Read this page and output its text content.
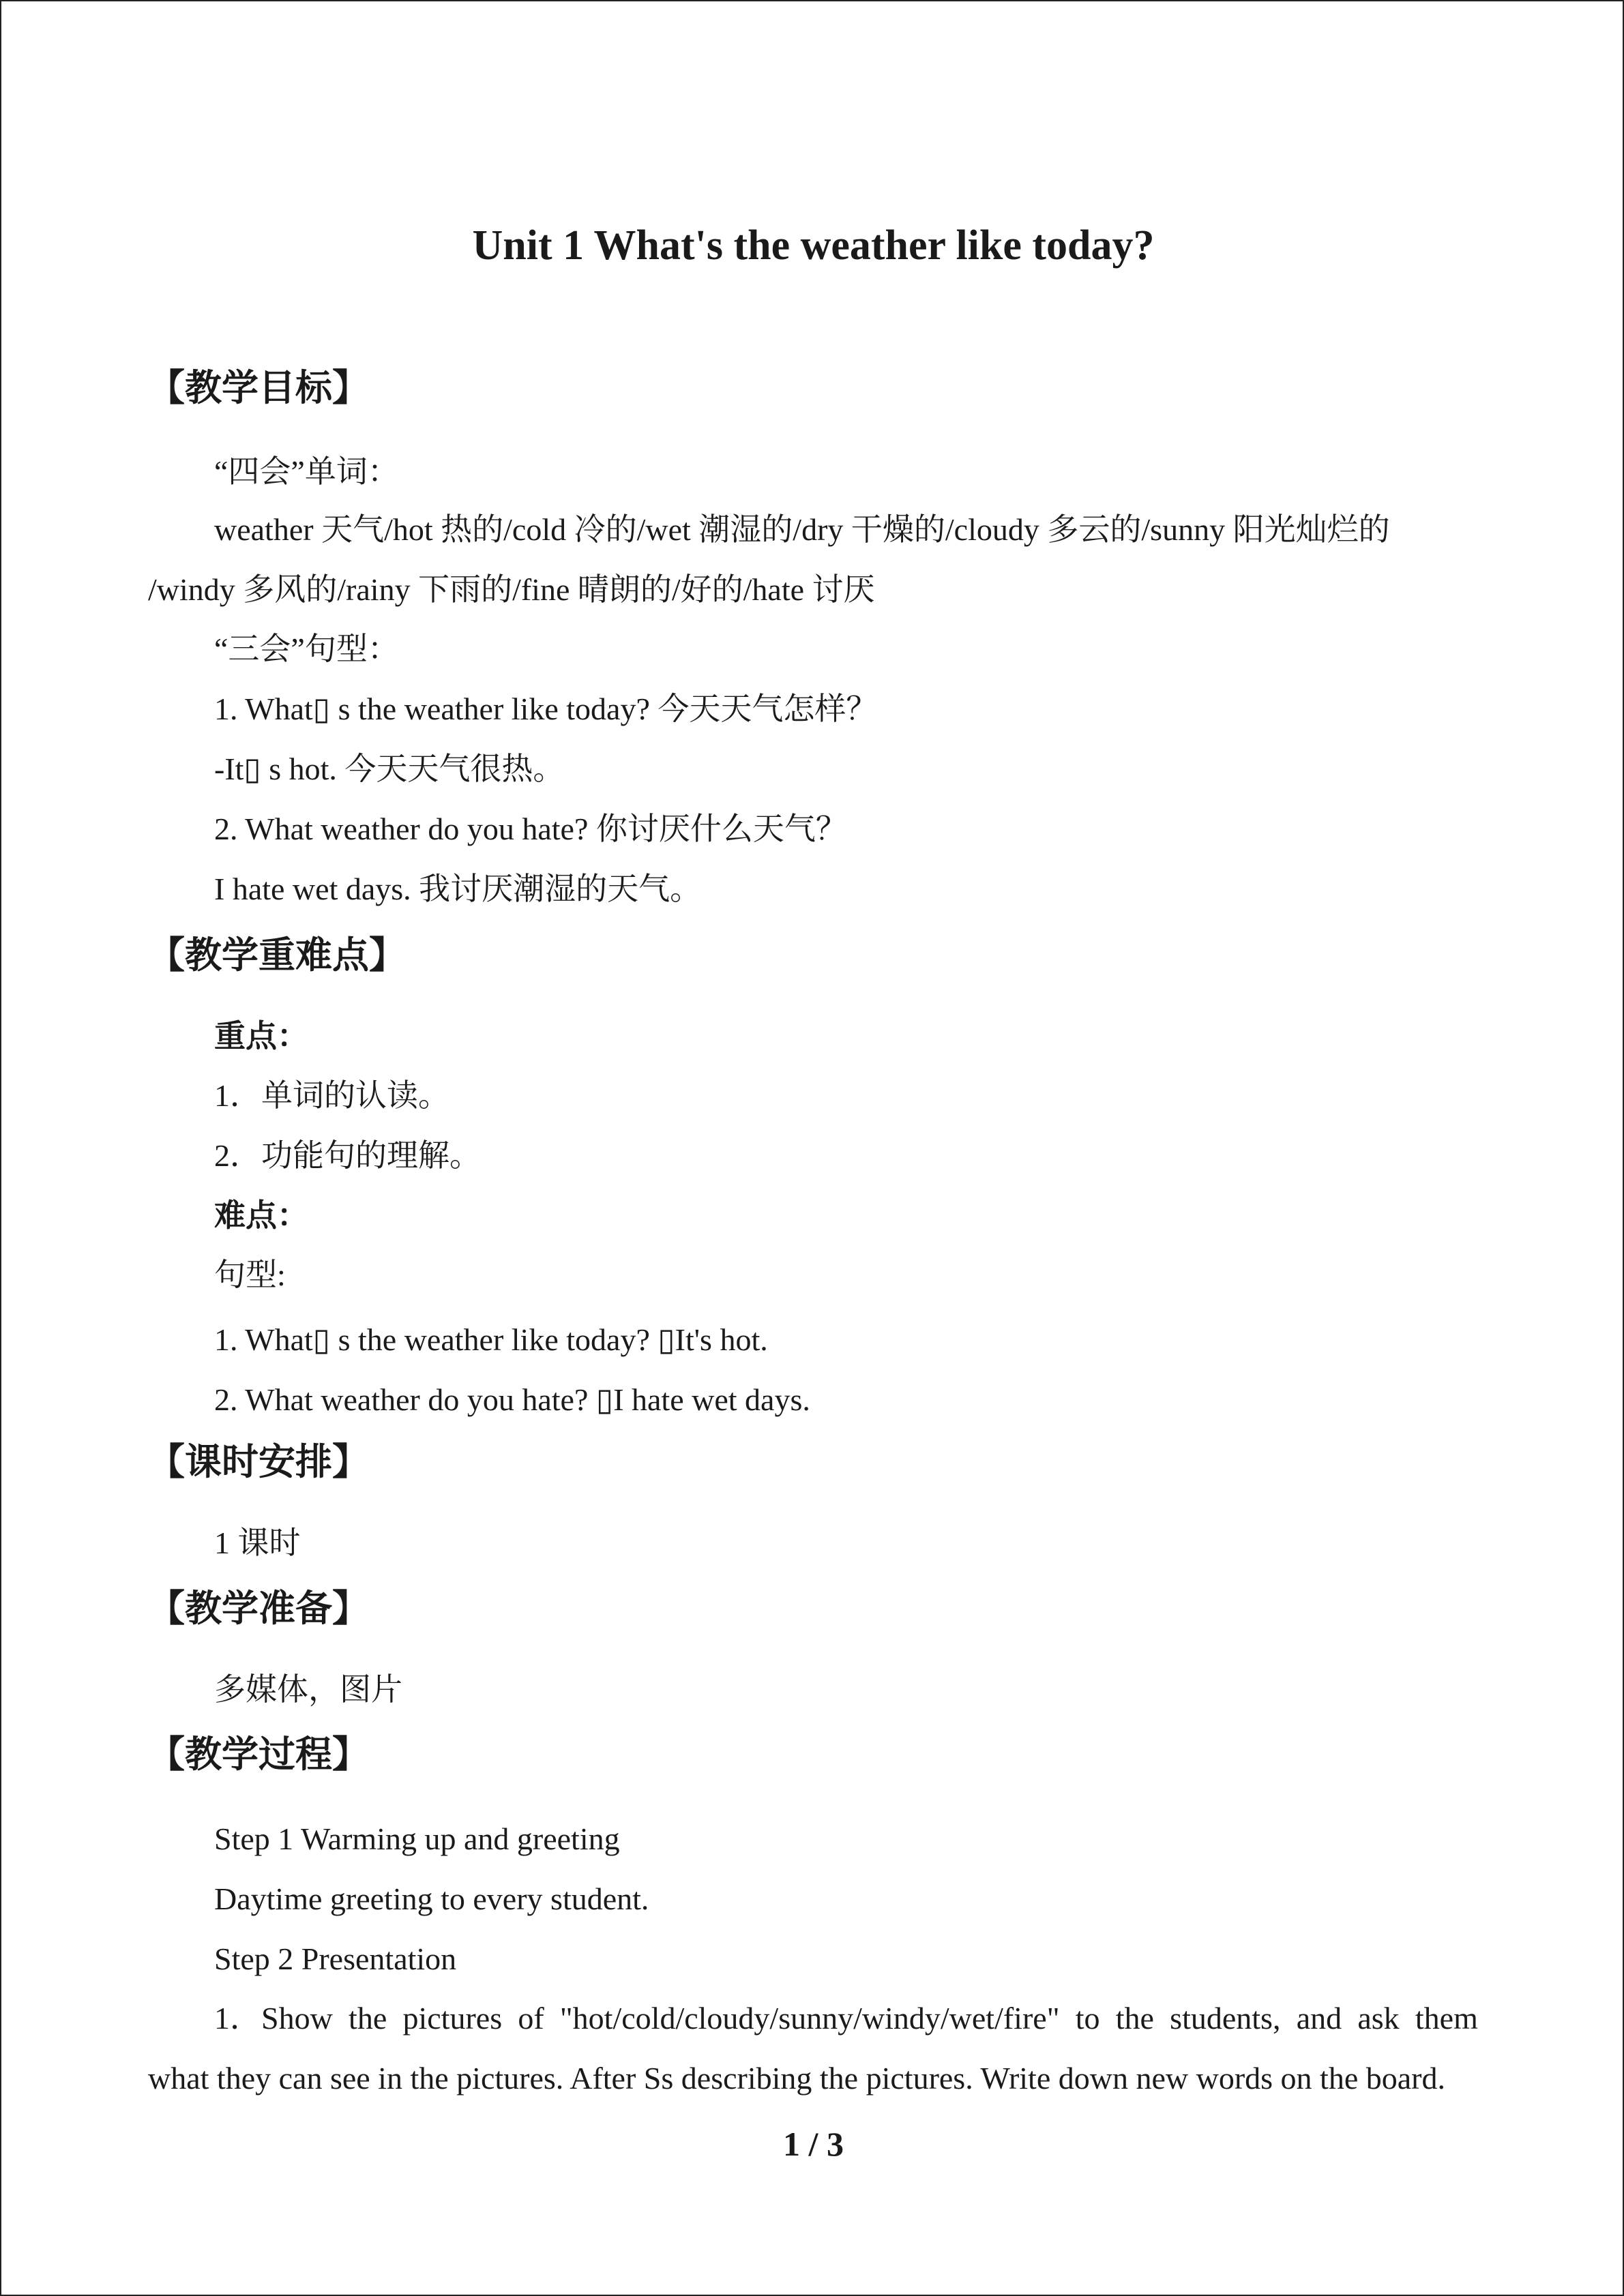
Unit 1 What's the weather like today?
【教学目标】
“四会”单词：
weather 天气/hot 热的/cold 冷的/wet 潮湿的/dry 干燥的/cloudy 多云的/sunny 阳光灿烂的
/windy 多风的/rainy 下雨的/fine 晴朗的/好的/hate 讨厌
“三会”句型：
1. What▯ s the weather like today? 今天天气怎样？
-It▯ s hot. 今天天气很热。
2. What weather do you hate? 你讨厌什么天气？
I hate wet days. 我讨厌潮湿的天气。
【教学重难点】
重点：
1．单词的认读。
2．功能句的理解。
难点：
句型:
1. What▯ s the weather like today? ▯It's hot.
2. What weather do you hate? ▯I hate wet days.
【课时安排】
1 课时
【教学准备】
多媒体，图片
【教学过程】
Step 1 Warming up and greeting
Daytime greeting to every student.
Step 2 Presentation
1．Show the pictures of "hot/cold/cloudy/sunny/windy/wet/fire" to the students, and ask them
what they can see in the pictures. After Ss describing the pictures. Write down new words on the board.
1 / 3
